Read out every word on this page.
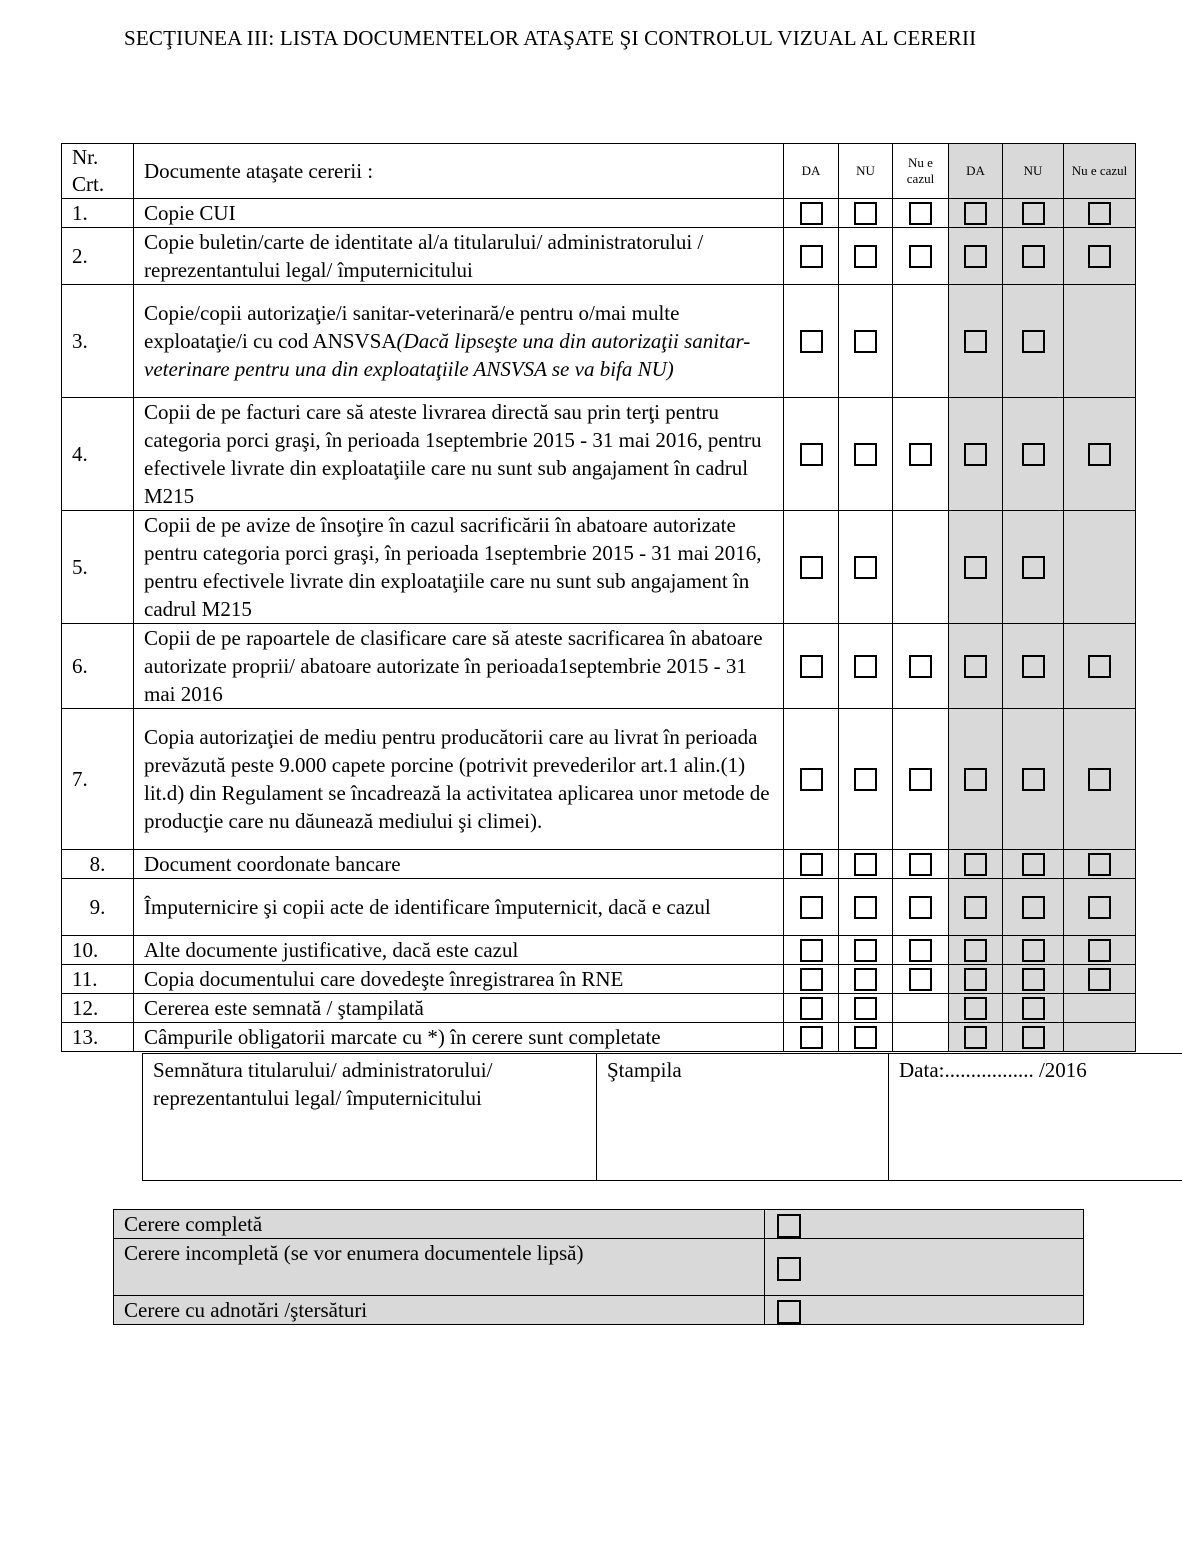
SECŢIUNEA III: LISTA DOCUMENTELOR ATAŞATE ŞI CONTROLUL VIZUAL AL CERERII
Nr. Crt.	Documente ataşate cererii :	DA	NU	Nu e cazul	DA	NU	Nu e cazul
1.	Copie CUI						
2.	Copie buletin/carte de identitate al/a titularului/ administratorului / reprezentantului legal/ împuternicitului						
3.	Copie/copii autorizaţie/i sanitar-veterinară/e pentru o/mai multe exploataţie/i cu cod ANSVSA(Dacă lipseşte una din autorizaţii sanitar-veterinare pentru una din exploataţiile ANSVSA se va bifa NU)						
4.	Copii de pe facturi care să ateste livrarea directă sau prin terţi pentru categoria porci graşi, în perioada 1septembrie 2015 - 31 mai 2016, pentru efectivele livrate din exploataţiile care nu sunt sub angajament în cadrul M215						
5.	Copii de pe avize de însoţire în cazul sacrificării în abatoare autorizate pentru categoria porci graşi, în perioada 1septembrie 2015 - 31 mai 2016, pentru efectivele livrate din exploataţiile care nu sunt sub angajament în cadrul M215						
6.	Copii de pe rapoartele de clasificare care să ateste sacrificarea în abatoare autorizate proprii/ abatoare autorizate în perioada1septembrie 2015 - 31 mai 2016						
7.	Copia autorizaţiei de mediu pentru producătorii care au livrat în perioada prevăzută peste 9.000 capete porcine (potrivit prevederilor art.1 alin.(1) lit.d) din Regulament se încadrează la activitatea aplicarea unor metode de producţie care nu dăunează mediului şi climei).						
8.	Document coordonate bancare						
9.	Împuternicire şi copii acte de identificare împuternicit, dacă e cazul						
10.	Alte documente justificative, dacă este cazul						
11.	Copia documentului care dovedeşte înregistrarea în RNE						
12.	Cererea este semnată / ştampilată						
13.	Câmpurile obligatorii marcate cu *) în cerere sunt completate						
Semnătura titularului/ administratorului/ reprezentantului legal/ împuternicitului	Ştampila	Data:................. /2016
Cerere completă	
Cerere incompletă (se vor enumera documentele lipsă)	
Cerere cu adnotări /ştersături	
